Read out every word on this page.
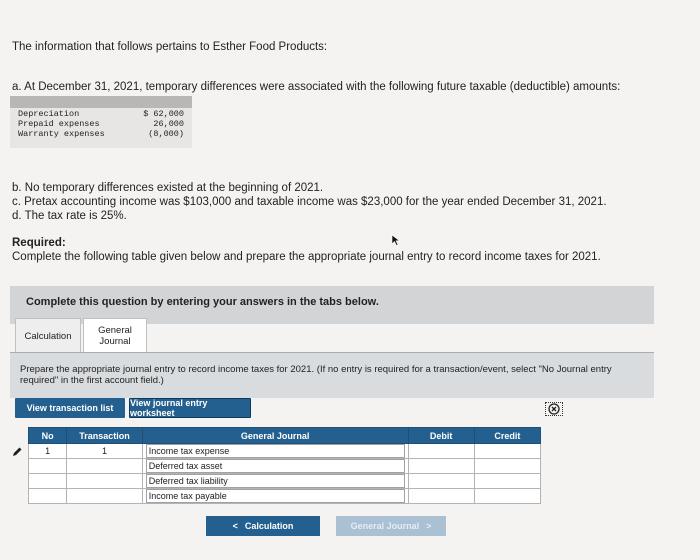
The information that follows pertains to Esther Food Products:
a. At December 31, 2021, temporary differences were associated with the following future taxable (deductible) amounts:
Depreciation	$ 62,000
Prepaid expenses	26,000
Warranty expenses	(8,000)
b. No temporary differences existed at the beginning of 2021.
c. Pretax accounting income was $103,000 and taxable income was $23,000 for the year ended December 31, 2021.
d. The tax rate is 25%.
Required:
Complete the following table given below and prepare the appropriate journal entry to record income taxes for 2021.
Complete this question by entering your answers in the tabs below.
Calculation	General Journal
Prepare the appropriate journal entry to record income taxes for 2021. (If no entry is required for a transaction/event, select "No Journal entry required" in the first account field.)
View transaction list	View journal entry worksheet
No	Transaction	General Journal	Debit	Credit
1	1	Income tax expense		

		Deferred tax asset		

		Deferred tax liability		

		Income tax payable		

< Calculation	General Journal >
